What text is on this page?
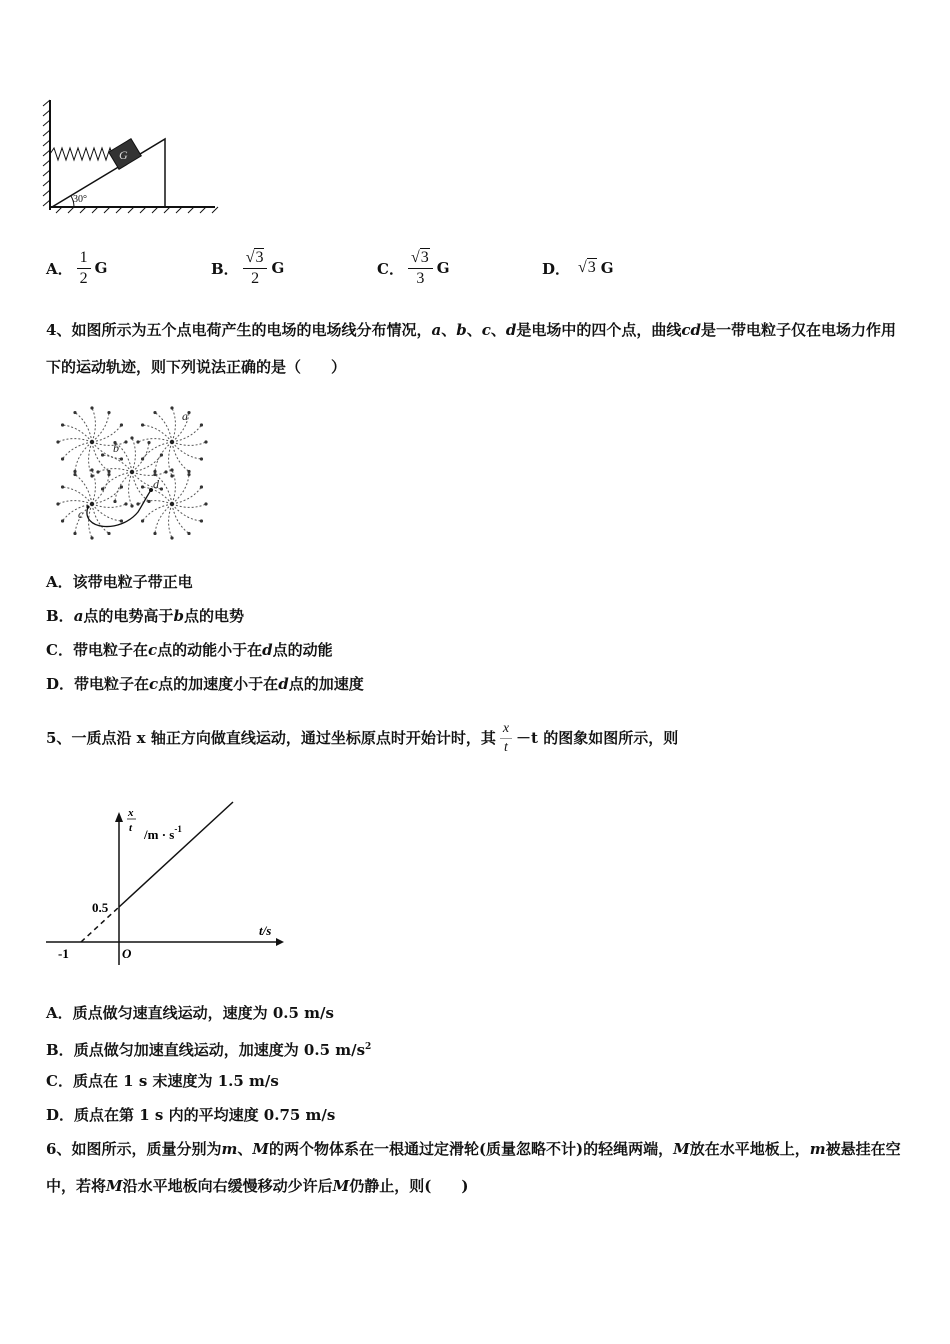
G
30°
A． $\frac{1}{2}$ G	B． $\frac{√3}{2}$ G	C． $\frac{√3}{3}$ G	D． √3 G
4、如图所示为五个点电荷产生的电场的电场线分布情况，a、b、c、d是电场中的四个点，曲线cd是一带电粒子仅在电场力作用下的运动轨迹，则下列说法正确的是（　　）
a
b
c
d
A．该带电粒子带正电
B．a点的电势高于b点的电势
C．带电粒子在c点的动能小于在d点的动能
D．带电粒子在c点的加速度小于在d点的加速度
5、 一质点沿 x 轴正方向做直线运动，通过坐标原点时开始计时，其 $\frac{x}{t} -t$ 的图象如图所示，则
x
t $/m \cdot s^{-1}$
t/s
0.5
-1	O
A．质点做匀速直线运动，速度为 0.5 m/s
B．质点做匀加速直线运动，加速度为 0.5 $m/s^2$
C．质点在 1 s 末速度为 1.5 m/s
D．质点在第 1 s 内的平均速度 0.75 m/s
6、如图所示，质量分别为m、M的两个物体系在一根通过定滑轮(质量忽略不计)的轻绳两端，M放在水平地板上，m被悬挂在空中，若将M沿水平地板向右缓慢移动少许后M仍静止，则(　　)
